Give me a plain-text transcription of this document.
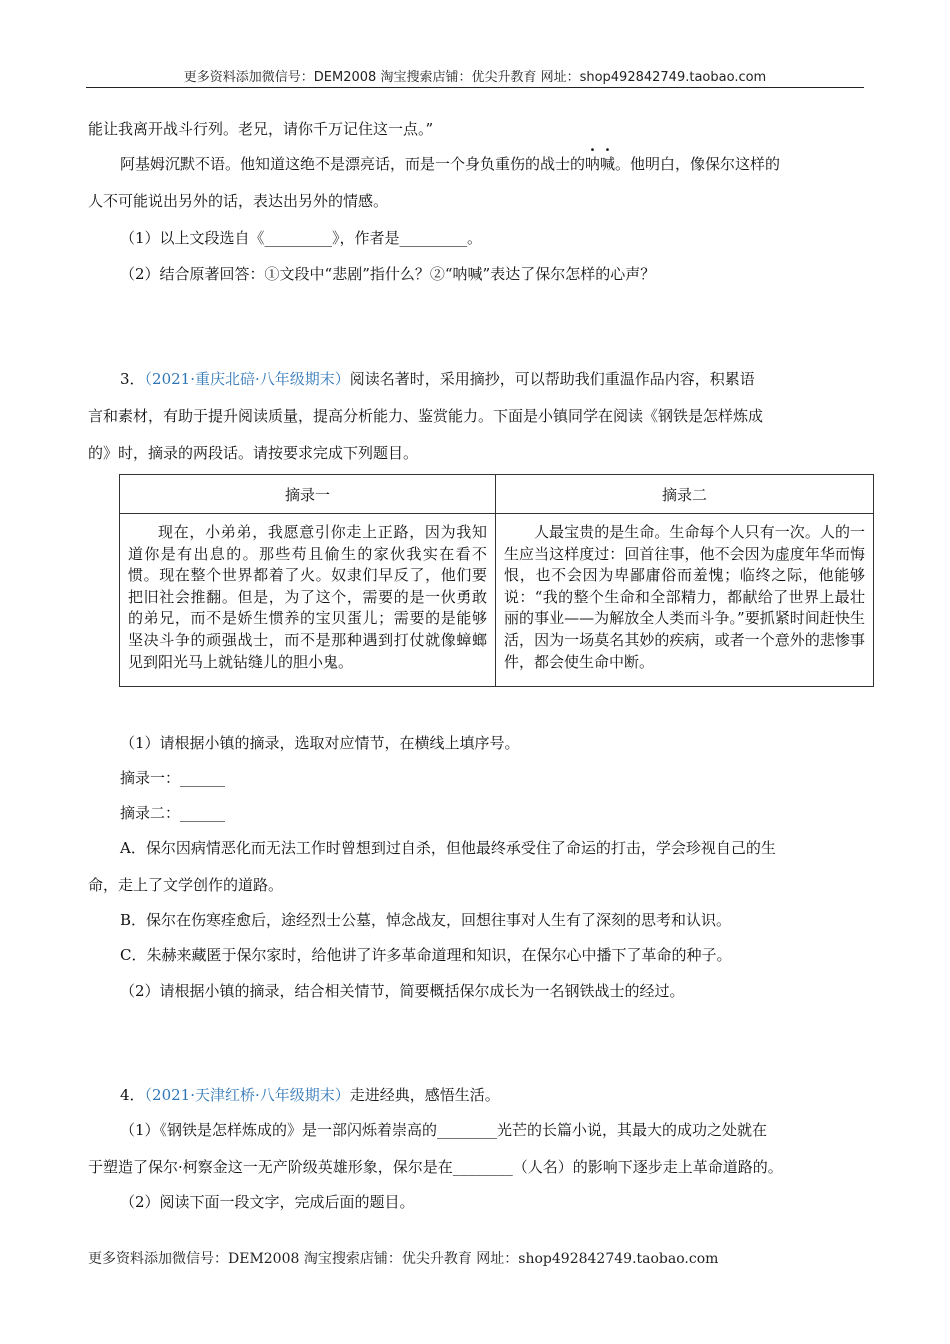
更多资料添加微信号：DEM2008 淘宝搜索店铺：优尖升教育 网址：shop492842749.taobao.com
能让我离开战斗行列。老兄，请你千万记住这一点。”
阿基姆沉默不语。他知道这绝不是漂亮话，而是一个身负重伤的战士的呐喊。他明白，像保尔这样的
人不可能说出另外的话，表达出另外的情感。
（1）以上文段选自《_________》，作者是_________。
（2）结合原著回答：①文段中“悲剧”指什么？②“呐喊”表达了保尔怎样的心声？
3．（2021·重庆北碚·八年级期末）阅读名著时，采用摘抄，可以帮助我们重温作品内容，积累语
言和素材，有助于提升阅读质量，提高分析能力、鉴赏能力。下面是小镇同学在阅读《钢铁是怎样炼成
的》时，摘录的两段话。请按要求完成下列题目。
摘录一	摘录二
现在，小弟弟，我愿意引你走上正路，因为我知道你是有出息的。那些苟且偷生的家伙我实在看不惯。现在整个世界都着了火。奴隶们早反了，他们要把旧社会推翻。但是，为了这个，需要的是一伙勇敢的弟兄，而不是娇生惯养的宝贝蛋儿；需要的是能够坚决斗争的顽强战士，而不是那种遇到打仗就像蟑螂见到阳光马上就钻缝儿的胆小鬼。	人最宝贵的是生命。生命每个人只有一次。人的一生应当这样度过：回首往事，他不会因为虚度年华而悔恨，也不会因为卑鄙庸俗而羞愧；临终之际，他能够说：“我的整个生命和全部精力，都献给了世界上最壮丽的事业——为解放全人类而斗争。”要抓紧时间赶快生活，因为一场莫名其妙的疾病，或者一个意外的悲惨事件，都会使生命中断。
（1）请根据小镇的摘录，选取对应情节，在横线上填序号。
摘录一：______
摘录二：______
A．保尔因病情恶化而无法工作时曾想到过自杀，但他最终承受住了命运的打击，学会珍视自己的生
命，走上了文学创作的道路。
B．保尔在伤寒痊愈后，途经烈士公墓，悼念战友，回想往事对人生有了深刻的思考和认识。
C．朱赫来藏匿于保尔家时，给他讲了许多革命道理和知识，在保尔心中播下了革命的种子。
（2）请根据小镇的摘录，结合相关情节，简要概括保尔成长为一名钢铁战士的经过。
4．（2021·天津红桥·八年级期末）走进经典，感悟生活。
（1）《钢铁是怎样炼成的》是一部闪烁着崇高的________光芒的长篇小说，其最大的成功之处就在
于塑造了保尔·柯察金这一无产阶级英雄形象，保尔是在________（人名）的影响下逐步走上革命道路的。
（2）阅读下面一段文字，完成后面的题目。
更多资料添加微信号：DEM2008 淘宝搜索店铺：优尖升教育 网址：shop492842749.taobao.com
